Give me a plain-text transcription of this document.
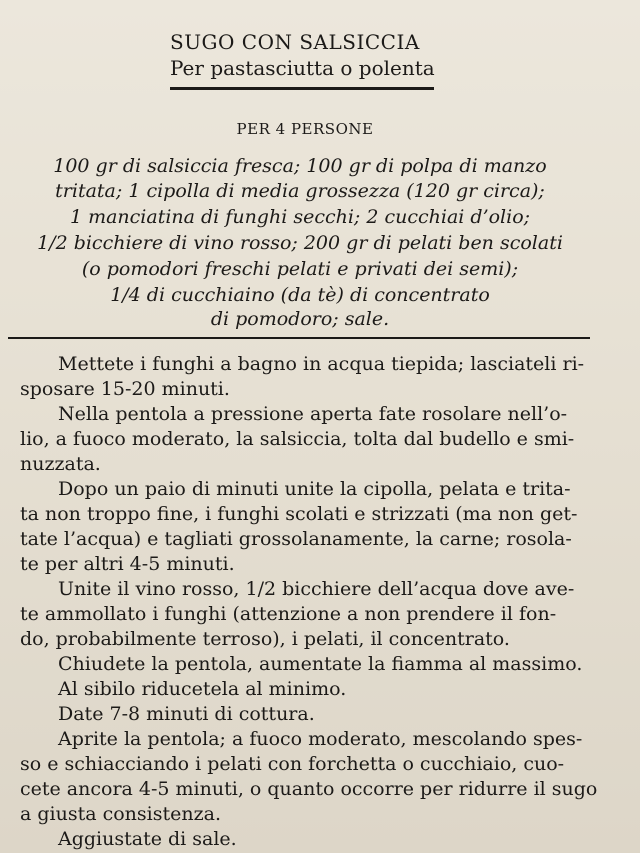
SUGO CON SALSICCIA
Per pastasciutta o polenta
PER 4 PERSONE
100 gr di salsiccia fresca; 100 gr di polpa di manzo
tritata; 1 cipolla di media grossezza (120 gr circa);
1 manciatina di funghi secchi; 2 cucchiai d’olio;
1/2 bicchiere di vino rosso; 200 gr di pelati ben scolati
(o pomodori freschi pelati e privati dei semi);
1/4 di cucchiaino (da tè) di concentrato
di pomodoro; sale.
Mettete i funghi a bagno in acqua tiepida; lasciateli ri-
sposare 15-20 minuti.
Nella pentola a pressione aperta fate rosolare nell’o-
lio, a fuoco moderato, la salsiccia, tolta dal budello e smi-
nuzzata.
Dopo un paio di minuti unite la cipolla, pelata e trita-
ta non troppo fine, i funghi scolati e strizzati (ma non get-
tate l’acqua) e tagliati grossolanamente, la carne; rosola-
te per altri 4-5 minuti.
Unite il vino rosso, 1/2 bicchiere dell’acqua dove ave-
te ammollato i funghi (attenzione a non prendere il fon-
do, probabilmente terroso), i pelati, il concentrato.
Chiudete la pentola, aumentate la fiamma al massimo.
Al sibilo riducetela al minimo.
Date 7-8 minuti di cottura.
Aprite la pentola; a fuoco moderato, mescolando spes-
so e schiacciando i pelati con forchetta o cucchiaio, cuo-
cete ancora 4-5 minuti, o quanto occorre per ridurre il sugo
a giusta consistenza.
Aggiustate di sale.
